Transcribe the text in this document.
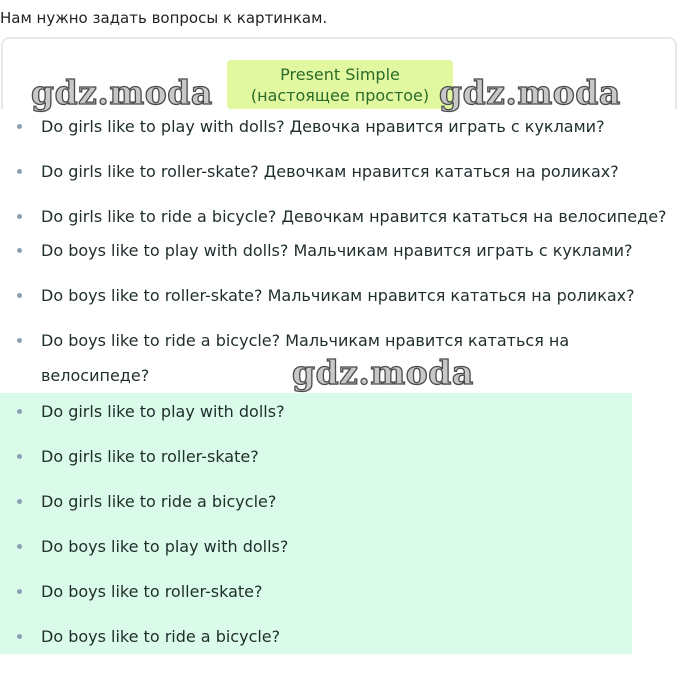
Нам нужно задать вопросы к картинкам.
Present Simple
(настоящее простое)
Do girls like to play with dolls? Девочка нравится играть с куклами?
Do girls like to roller-skate? Девочкам нравится кататься на роликах?
Do girls like to ride a bicycle? Девочкам нравится кататься на велосипеде?
Do boys like to play with dolls? Мальчикам нравится играть с куклами?
Do boys like to roller-skate? Мальчикам нравится кататься на роликах?
Do boys like to ride a bicycle? Мальчикам нравится кататься на велосипеде?
Do girls like to play with dolls?
Do girls like to roller-skate?
Do girls like to ride a bicycle?
Do boys like to play with dolls?
Do boys like to roller-skate?
Do boys like to ride a bicycle?
gdz.moda	gdz.moda
gdz.moda
